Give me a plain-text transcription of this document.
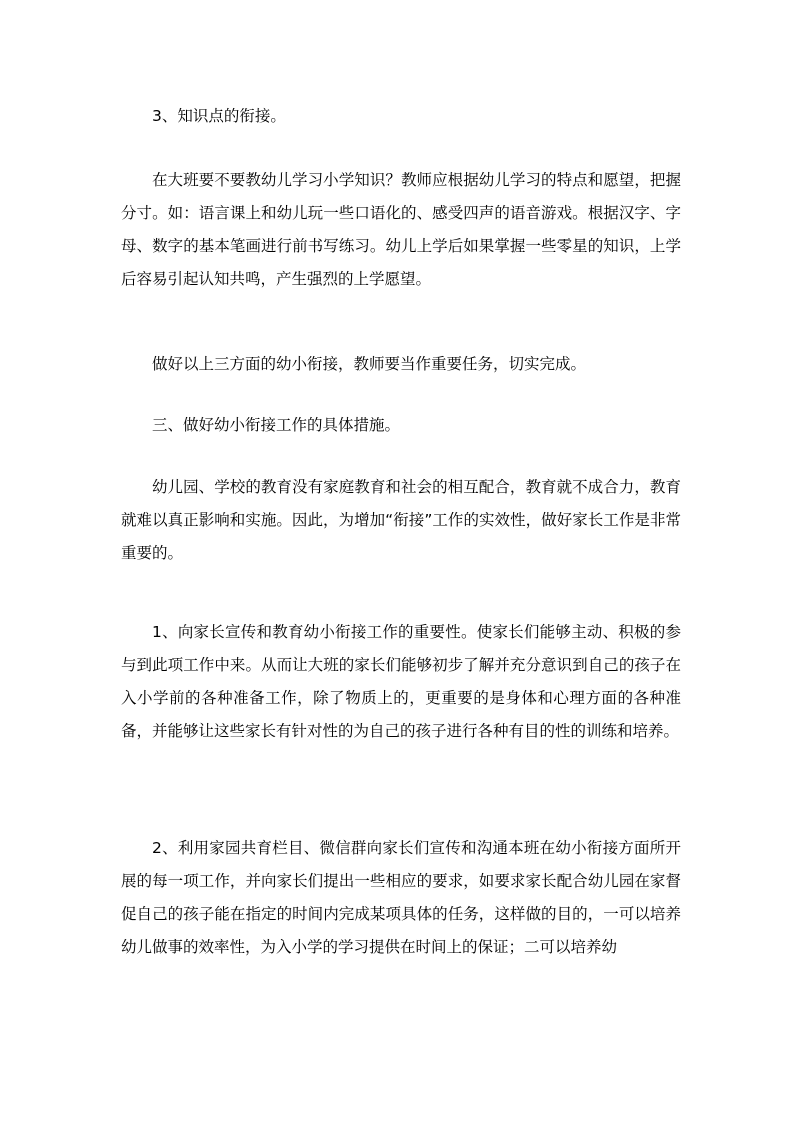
3、知识点的衔接。

在大班要不要教幼儿学习小学知识？教师应根据幼儿学习的特点和愿望，把握分寸。如：语言课上和幼儿玩一些口语化的、感受四声的语音游戏。根据汉字、字母、数字的基本笔画进行前书写练习。幼儿上学后如果掌握一些零星的知识，上学后容易引起认知共鸣，产生强烈的上学愿望。

做好以上三方面的幼小衔接，教师要当作重要任务，切实完成。

三、做好幼小衔接工作的具体措施。

幼儿园、学校的教育没有家庭教育和社会的相互配合，教育就不成合力，教育就难以真正影响和实施。因此，为增加“衔接”工作的实效性，做好家长工作是非常重要的。

1、向家长宣传和教育幼小衔接工作的重要性。使家长们能够主动、积极的参与到此项工作中来。从而让大班的家长们能够初步了解并充分意识到自己的孩子在入小学前的各种准备工作，除了物质上的，更重要的是身体和心理方面的各种准备，并能够让这些家长有针对性的为自己的孩子进行各种有目的性的训练和培养。

2、利用家园共育栏目、微信群向家长们宣传和沟通本班在幼小衔接方面所开展的每一项工作，并向家长们提出一些相应的要求，如要求家长配合幼儿园在家督促自己的孩子能在指定的时间内完成某项具体的任务，这样做的目的，一可以培养幼儿做事的效率性，为入小学的学习提供在时间上的保证；二可以培养幼
